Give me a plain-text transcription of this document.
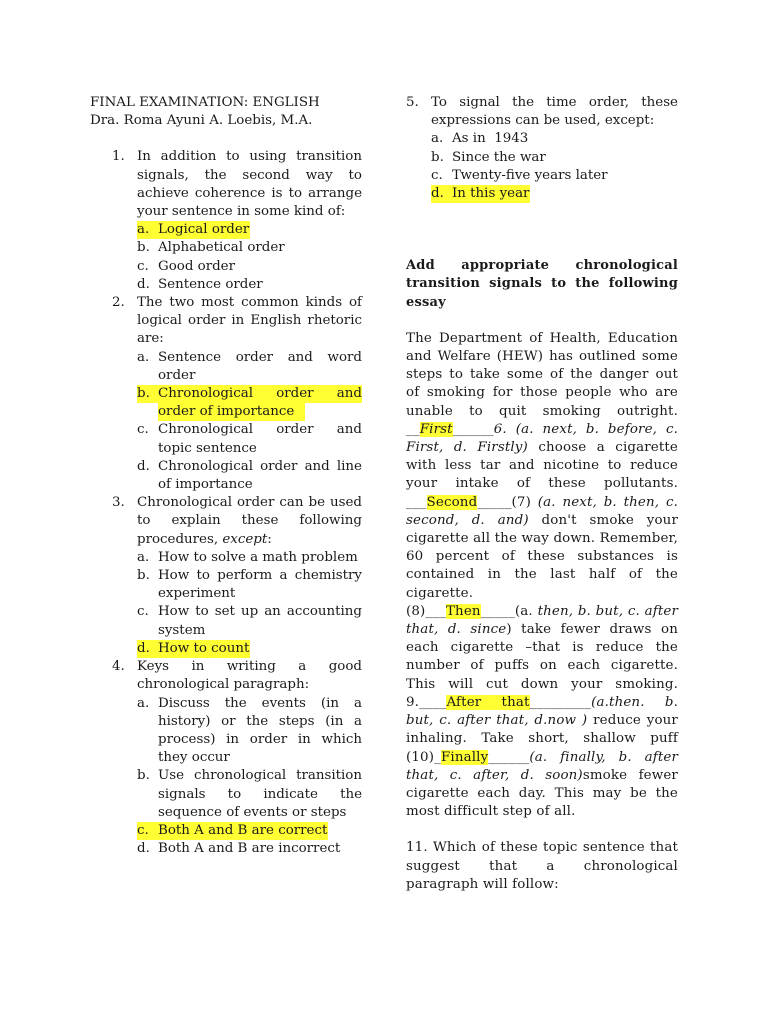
FINAL EXAMINATION: ENGLISH
Dra. Roma Ayuni A. Loebis, M.A.
1. In addition to using transition signals, the second way to achieve coherence is to arrange your sentence in some kind of:
a. Logical order
b. Alphabetical order
c. Good order
d. Sentence order
2. The two most common kinds of logical order in English rhetoric are:
a. Sentence order and word order
b. Chronological order and order of importance
c. Chronological order and topic sentence
d. Chronological order and line of importance
3. Chronological order can be used to explain these following procedures, except:
a. How to solve a math problem
b. How to perform a chemistry experiment
c. How to set up an accounting system
d. How to count
4. Keys in writing a good chronological paragraph:
a. Discuss the events (in a history) or the steps (in a process) in order in which they occur
b. Use chronological transition signals to indicate the sequence of events or steps
c. Both A and B are correct
d. Both A and B are incorrect
5. To signal the time order, these expressions can be used, except:
a. As in  1943
b. Since the war
c. Twenty-five years later
d. In this year
Add appropriate chronological transition signals to the following essay
The Department of Health, Education and Welfare (HEW) has outlined some steps to take some of the danger out of smoking for those people who are unable to quit smoking outright. __First______6. (a. next, b. before, c. First, d. Firstly) choose a cigarette with less tar and nicotine to reduce your intake of these pollutants. ___Second_____(7) (a. next, b. then, c. second, d. and) don't smoke your cigarette all the way down. Remember, 60 percent of these substances is contained in the last half of the cigarette.
(8)___Then_____(a. then, b. but, c. after that, d. since) take fewer draws on each cigarette –that is reduce the number of puffs on each cigarette. This will cut down your smoking. 9.____After that_________(a.then. b. but, c. after that, d.now ) reduce your inhaling. Take short, shallow puff (10)_Finally______(a. finally, b. after that, c. after, d. soon)smoke fewer cigarette each day. This may be the most difficult step of all.
11. Which of these topic sentence that suggest that a chronological paragraph will follow:
